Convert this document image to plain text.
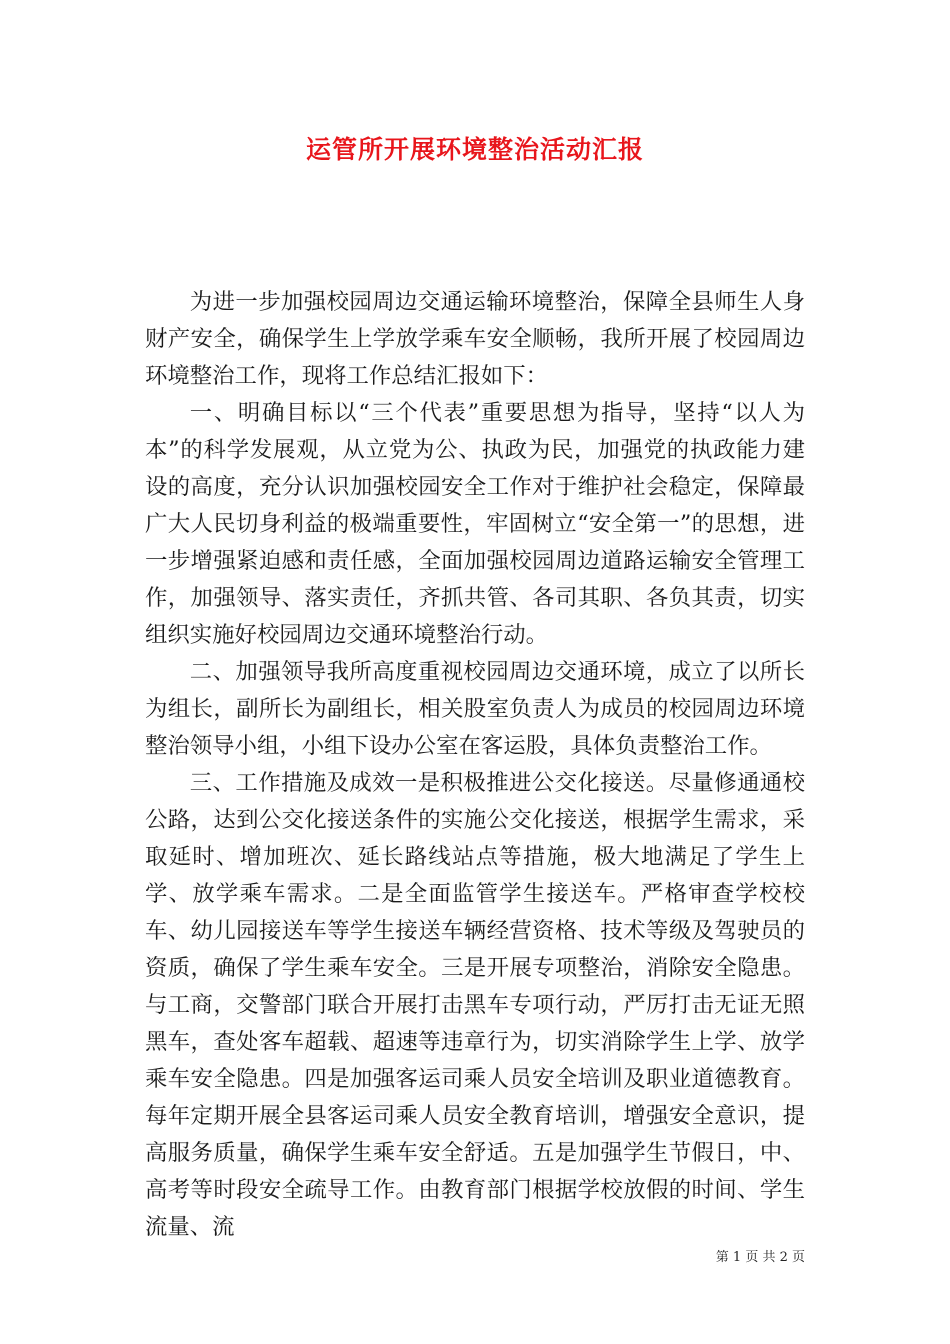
运管所开展环境整治活动汇报

为进一步加强校园周边交通运输环境整治，保障全县师生人身财产安全，确保学生上学放学乘车安全顺畅，我所开展了校园周边环境整治工作，现将工作总结汇报如下：

一、明确目标以“三个代表”重要思想为指导，坚持“以人为本”的科学发展观，从立党为公、执政为民，加强党的执政能力建设的高度，充分认识加强校园安全工作对于维护社会稳定，保障最广大人民切身利益的极端重要性，牢固树立“安全第一”的思想，进一步增强紧迫感和责任感，全面加强校园周边道路运输安全管理工作，加强领导、落实责任，齐抓共管、各司其职、各负其责，切实组织实施好校园周边交通环境整治行动。

二、加强领导我所高度重视校园周边交通环境，成立了以所长为组长，副所长为副组长，相关股室负责人为成员的校园周边环境整治领导小组，小组下设办公室在客运股，具体负责整治工作。

三、工作措施及成效一是积极推进公交化接送。尽量修通通校公路，达到公交化接送条件的实施公交化接送，根据学生需求，采取延时、增加班次、延长路线站点等措施，极大地满足了学生上学、放学乘车需求。二是全面监管学生接送车。严格审查学校校车、幼儿园接送车等学生接送车辆经营资格、技术等级及驾驶员的资质，确保了学生乘车安全。三是开展专项整治，消除安全隐患。与工商，交警部门联合开展打击黑车专项行动，严厉打击无证无照黑车，查处客车超载、超速等违章行为，切实消除学生上学、放学乘车安全隐患。四是加强客运司乘人员安全培训及职业道德教育。每年定期开展全县客运司乘人员安全教育培训，增强安全意识，提高服务质量，确保学生乘车安全舒适。五是加强学生节假日，中、高考等时段安全疏导工作。由教育部门根据学校放假的时间、学生流量、流

第 1 页 共 2 页
